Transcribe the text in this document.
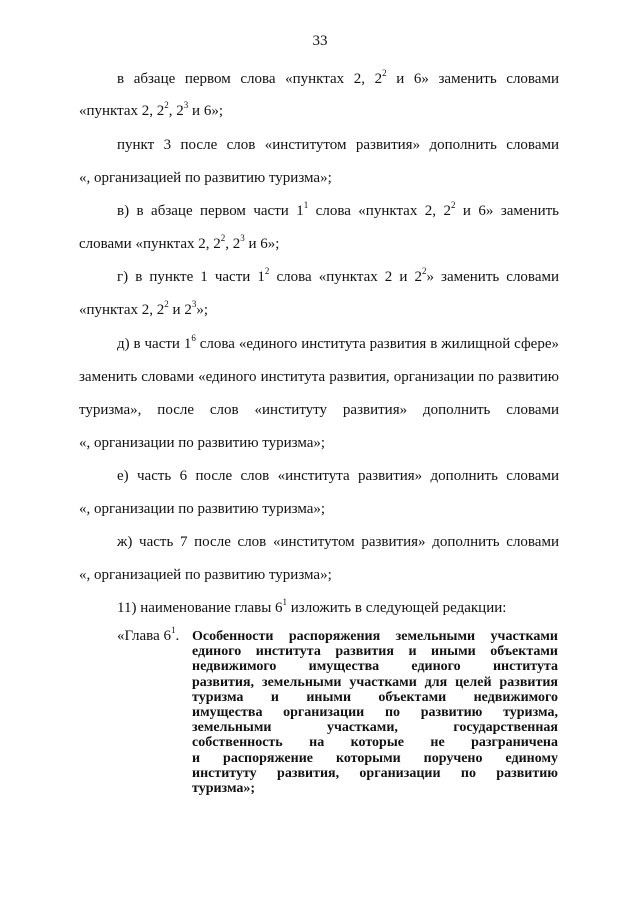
33
в абзаце первом слова «пунктах 2, $2^2$ и 6» заменить словами
«пунктах 2, $2^2$, $2^3$ и 6»;
пункт 3 после слов «институтом развития» дополнить словами
«, организацией по развитию туризма»;
в) в абзаце первом части $1^1$ слова «пунктах 2, $2^2$ и 6» заменить
словами «пунктах 2, $2^2$, $2^3$ и 6»;
г) в пункте 1 части $1^2$ слова «пунктах 2 и $2^2$» заменить словами
«пунктах 2, $2^2$ и $2^3$»;
д) в части $1^6$ слова «единого института развития в жилищной сфере»
заменить словами «единого института развития, организации по развитию
туризма», после слов «институту развития» дополнить словами
«, организации по развитию туризма»;
е) часть 6 после слов «института развития» дополнить словами
«, организации по развитию туризма»;
ж) часть 7 после слов «институтом развития» дополнить словами
«, организацией по развитию туризма»;
11) наименование главы $6^1$ изложить в следующей редакции:
«Глава $6^1$. Особенности распоряжения земельными участками
единого института развития и иными объектами
недвижимого имущества единого института
развития, земельными участками для целей развития
туризма и иными объектами недвижимого
имущества организации по развитию туризма,
земельными участками, государственная
собственность на которые не разграничена
и распоряжение которыми поручено единому
институту развития, организации по развитию
туризма»;
